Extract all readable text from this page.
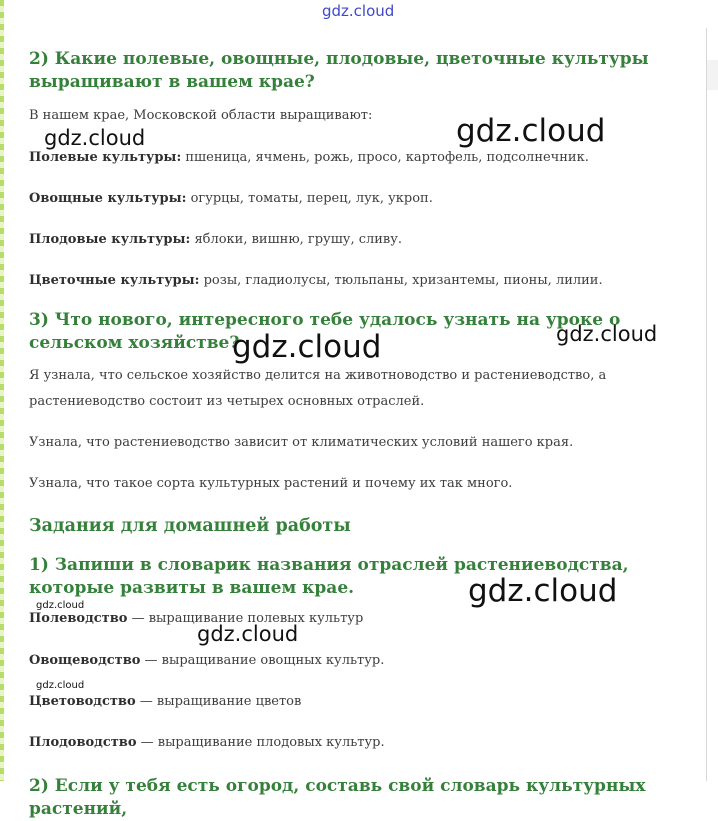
gdz.cloud
2) Какие полевые, овощные, плодовые, цветочные культуры выращивают в вашем крае?

В нашем крае, Московской области выращивают:

Полевые культуры: пшеница, ячмень, рожь, просо, картофель, подсолнечник.

Овощные культуры: огурцы, томаты, перец, лук, укроп.

Плодовые культуры: яблоки, вишню, грушу, сливу.

Цветочные культуры: розы, гладиолусы, тюльпаны, хризантемы, пионы, лилии.

3) Что нового, интересного тебе удалось узнать на уроке о сельском хозяйстве?

Я узнала, что сельское хозяйство делится на животноводство и растениеводство, а растениеводство состоит из четырех основных отраслей.

Узнала, что растениеводство зависит от климатических условий нашего края.

Узнала, что такое сорта культурных растений и почему их так много.

Задания для домашней работы
1) Запиши в словарик названия отраслей растениеводства, которые развиты в вашем крае.

Полеводство — выращивание полевых культур

Овощеводство — выращивание овощных культур.

Цветоводство — выращивание цветов

Плодоводство — выращивание плодовых культур.

2) Если у тебя есть огород, составь свой словарь культурных растений,
gdz.cloud	gdz.cloud
gdz.cloud	gdz.cloud
gdz.cloud
gdz.cloud
gdz.cloud
gdz.cloud
